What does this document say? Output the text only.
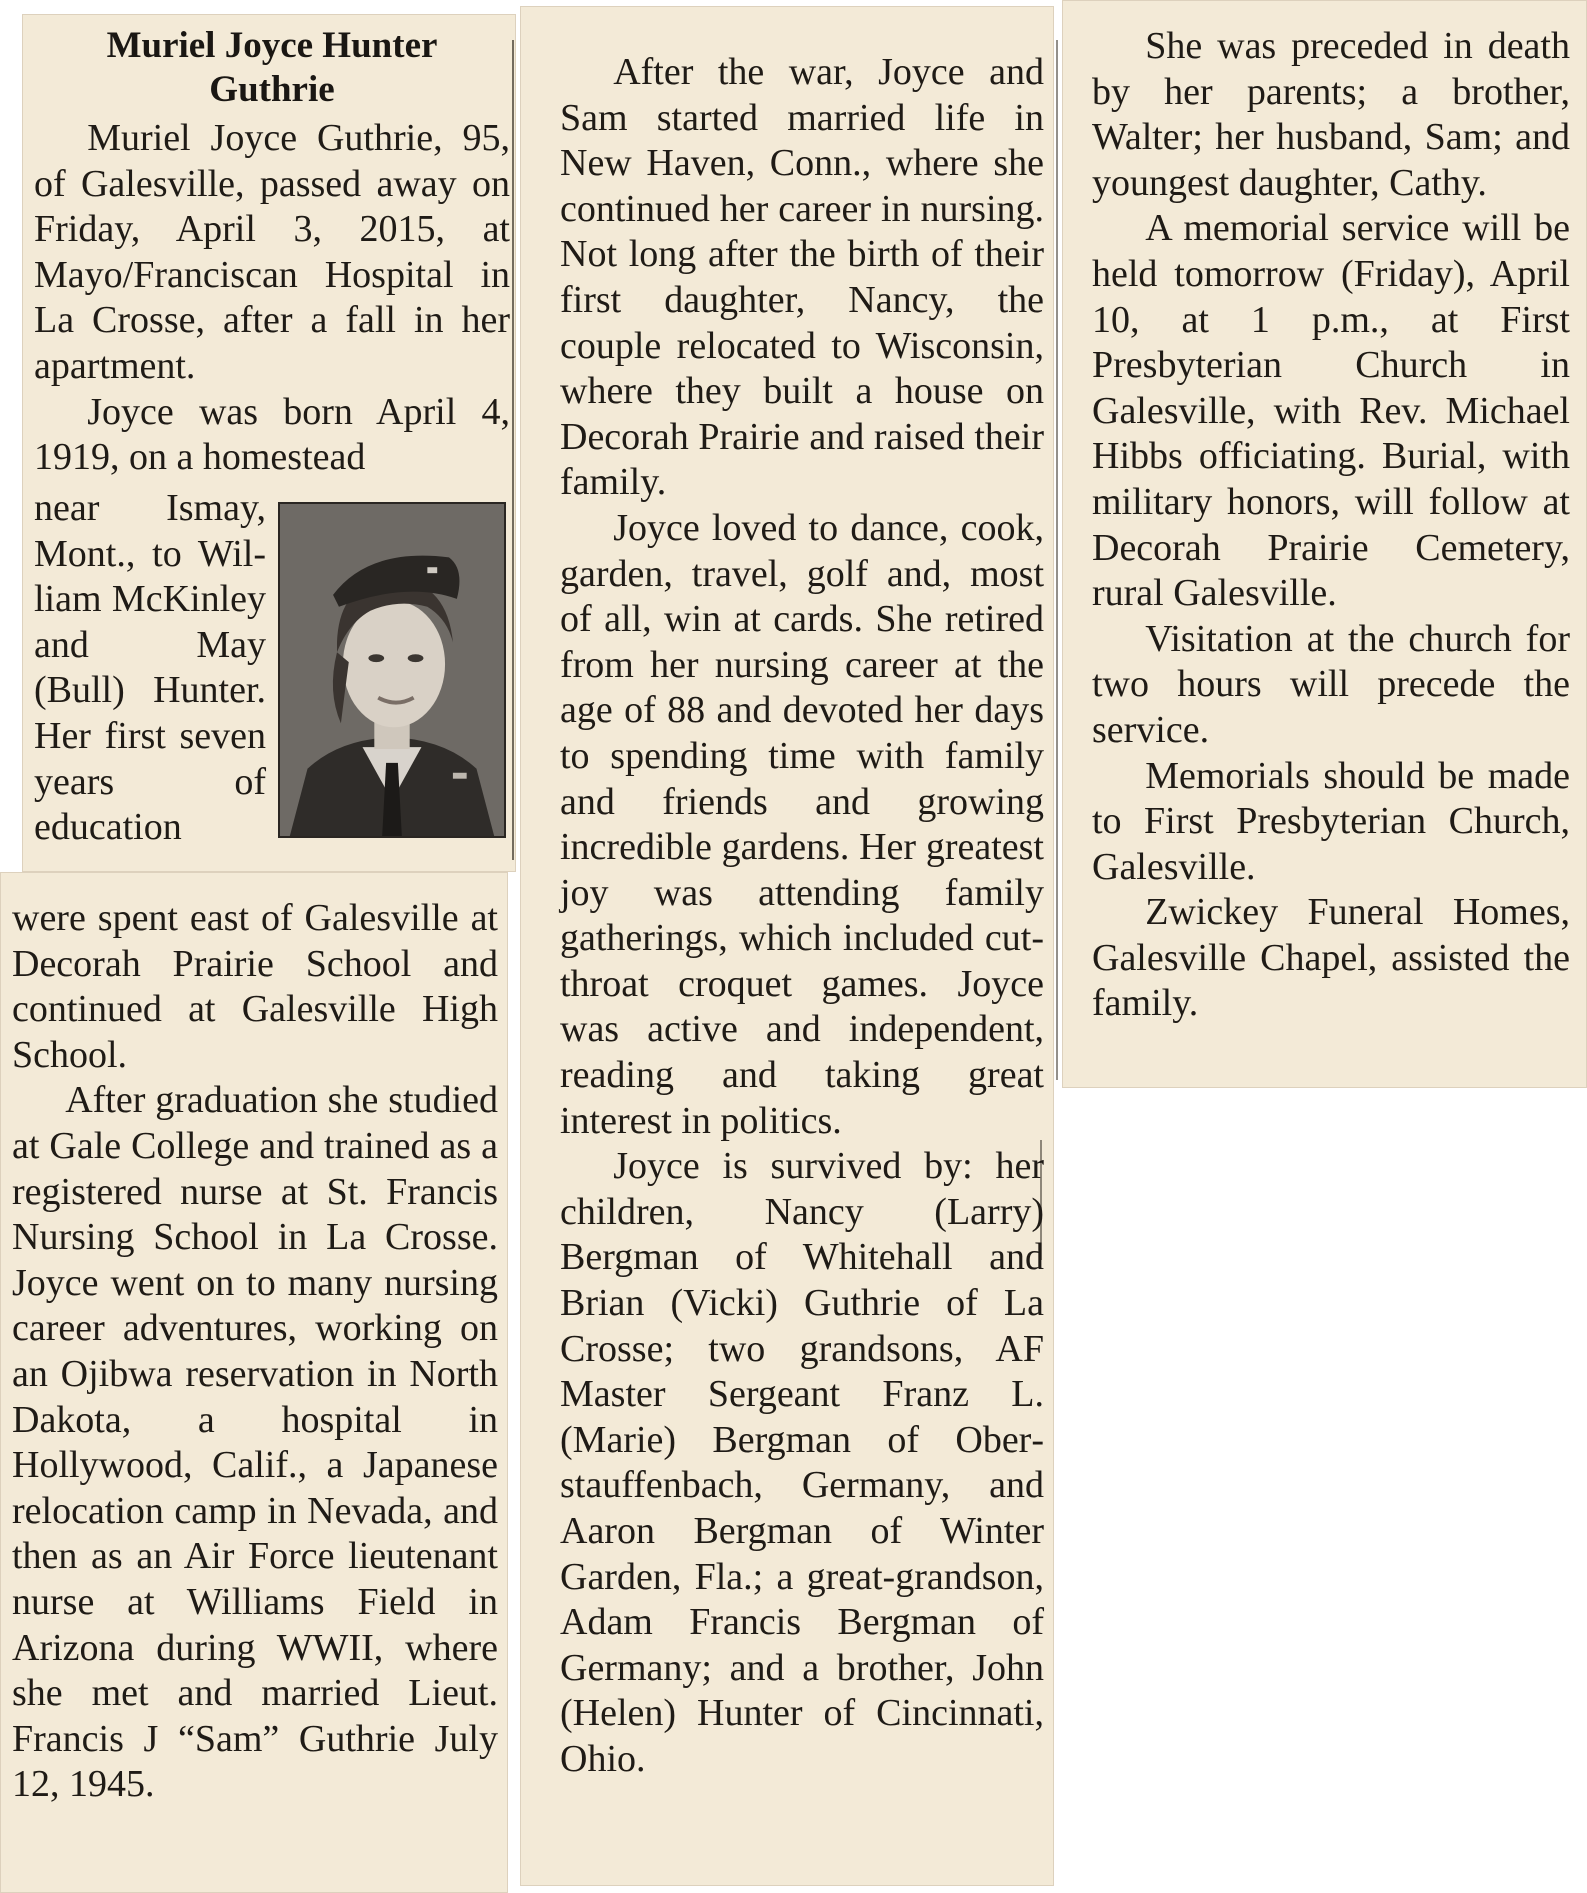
Muriel Joyce Hunter
Guthrie

Muriel Joyce Guthrie, 95, of Galesville, passed away on Friday, April 3, 2015, at Mayo/Franciscan Hospital in La Crosse, after a fall in her apartment.

Joyce was born April 4, 1919, on a homestead

near Ismay, Mont., to William McKinley and May (Bull) Hunter. Her first seven years of education

were spent east of Galesville at Decorah Prairie School and continued at Galesville High School.

After graduation she studied at Gale College and trained as a registered nurse at St. Francis Nursing School in La Crosse. Joyce went on to many nursing career adventures, working on an Ojibwa reservation in North Dakota, a hospital in Hollywood, Calif., a Japanese relocation camp in Nevada, and then as an Air Force lieutenant nurse at Williams Field in Arizona during WWII, where she met and married Lieut. Francis J “Sam” Guthrie July 12, 1945.

After the war, Joyce and Sam started married life in New Haven, Conn., where she continued her career in nursing. Not long after the birth of their first daughter, Nancy, the couple relocated to Wisconsin, where they built a house on Decorah Prairie and raised their family.

Joyce loved to dance, cook, garden, travel, golf and, most of all, win at cards. She retired from her nursing career at the age of 88 and devoted her days to spending time with family and friends and growing incredible gardens. Her greatest joy was attending family gatherings, which included cut-throat croquet games. Joyce was active and independent, reading and taking great interest in politics.

Joyce is survived by: her children, Nancy (Larry) Bergman of Whitehall and Brian (Vicki) Guthrie of La Crosse; two grandsons, AF Master Sergeant Franz L. (Marie) Bergman of Oberstauffenbach, Germany, and Aaron Bergman of Winter Garden, Fla.; a great-grandson, Adam Francis Bergman of Germany; and a brother, John (Helen) Hunter of Cincinnati, Ohio.

She was preceded in death by her parents; a brother, Walter; her husband, Sam; and youngest daughter, Cathy.

A memorial service will be held tomorrow (Friday), April 10, at 1 p.m., at First Presbyterian Church in Galesville, with Rev. Michael Hibbs officiating. Burial, with military honors, will follow at Decorah Prairie Cemetery, rural Galesville.

Visitation at the church for two hours will precede the service.

Memorials should be made to First Presbyterian Church, Galesville.

Zwickey Funeral Homes, Galesville Chapel, assisted the family.
